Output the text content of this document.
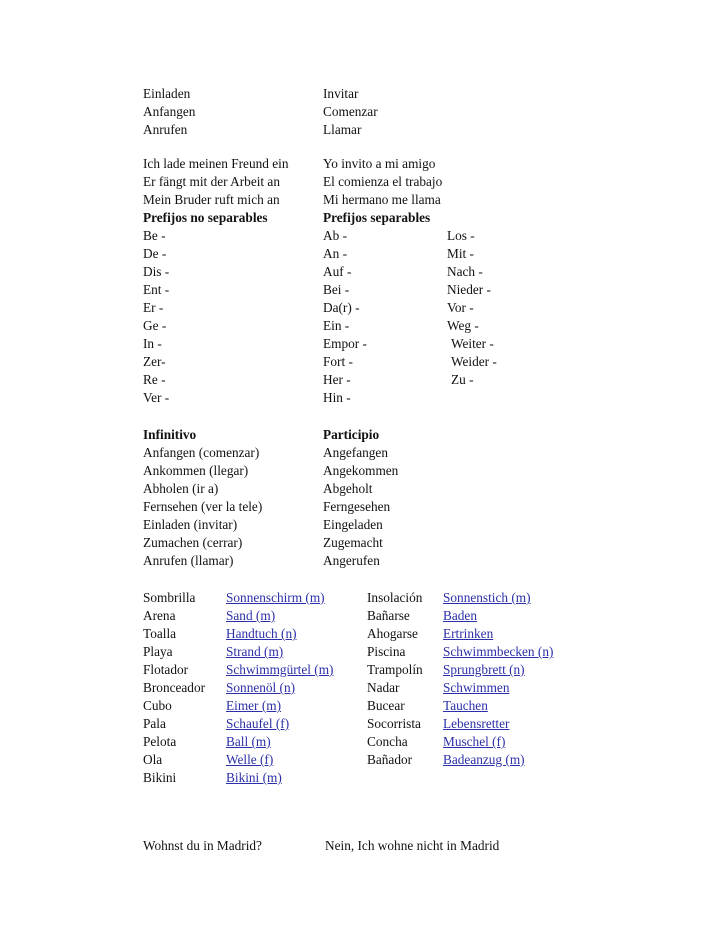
Einladen	Invitar
Anfangen	Comenzar
Anrufen	Llamar
Ich lade meinen Freund ein	Yo invito a mi amigo
Er fängt mit der Arbeit an	El comienza el trabajo
Mein Bruder ruft mich an	Mi hermano me llama
Prefijos no separables	Prefijos separables
Be -	Ab -	Los -
De -	An -	Mit -
Dis -	Auf -	Nach -
Ent -	Bei -	Nieder -
Er -	Da(r) -	Vor -
Ge -	Ein -	Weg -
In -	Empor -	Weiter -
Zer-	Fort -	Weider -
Re -	Her -	Zu -
Ver -	Hin -
Infinitivo	Participio
Anfangen (comenzar)	Angefangen
Ankommen (llegar)	Angekommen
Abholen (ir a)	Abgeholt
Fernsehen (ver la tele)	Ferngesehen
Einladen (invitar)	Eingeladen
Zumachen (cerrar)	Zugemacht
Anrufen (llamar)	Angerufen
Sombrilla Sonnenschirm (m)	Insolación Sonnenstich (m)
Arena	Sand (m)	Bañarse Baden
Toalla	Handtuch (n)	Ahogarse Ertrinken
Playa	Strand (m)	Piscina	Schwimmbecken (n)
Flotador	Schwimmgürtel (m)	Trampolín Sprungbrett (n)
Bronceador Sonnenöl (n)	Nadar	Schwimmen
Cubo	Eimer (m)	Bucear	Tauchen
Pala	Schaufel (f)	Socorrista Lebensretter
Pelota	Ball (m)	Concha	Muschel (f)
Ola	Welle (f)	Bañador Badeanzug (m)
Bikini	Bikini (m)
Wohnst du in Madrid?	Nein, Ich wohne nicht in Madrid
